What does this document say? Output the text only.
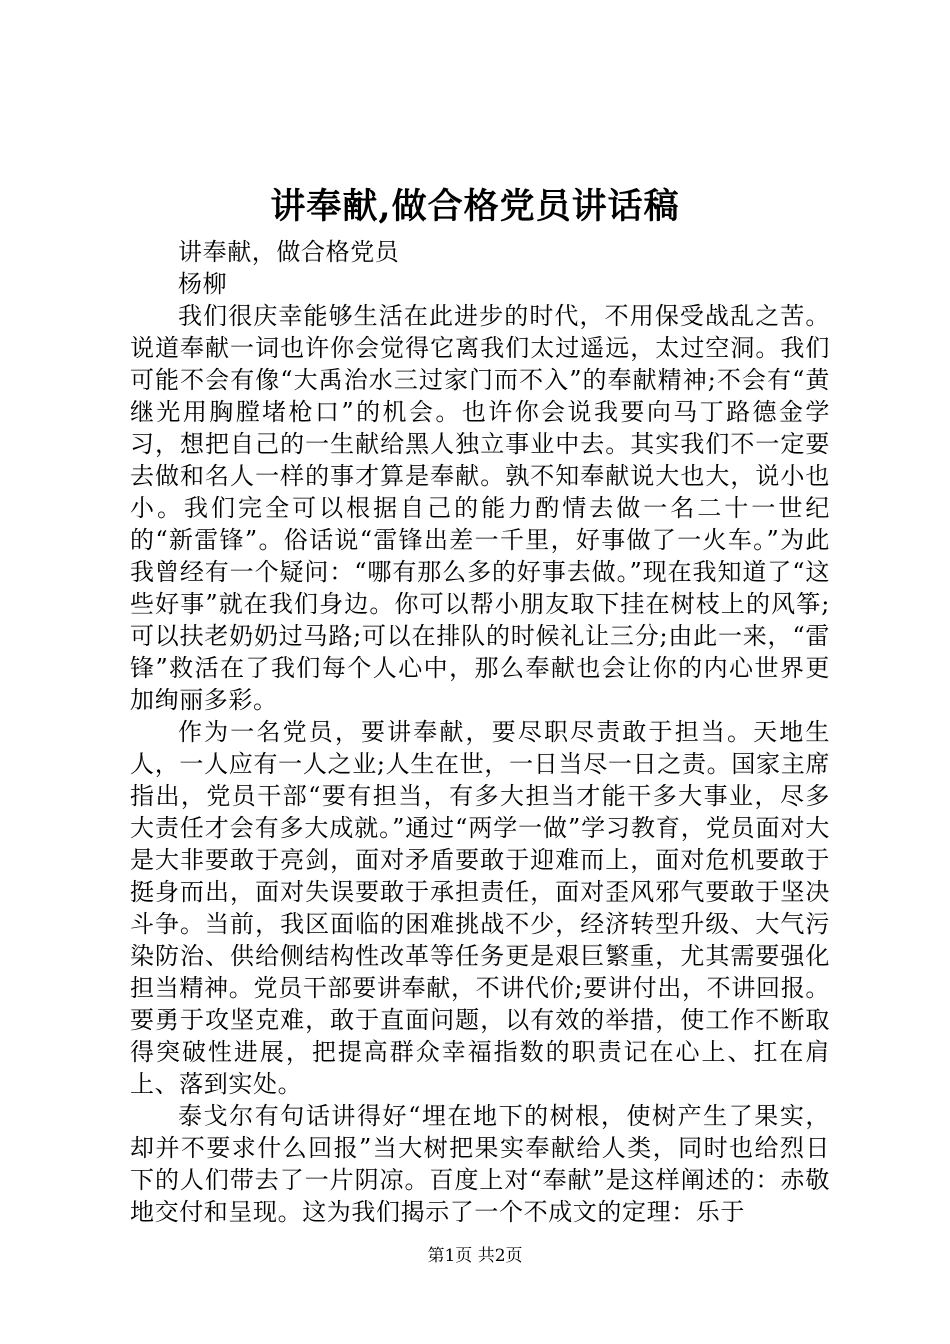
讲奉献,做合格党员讲话稿

讲奉献，做合格党员

杨柳

我们很庆幸能够生活在此进步的时代，不用保受战乱之苦。说道奉献一词也许你会觉得它离我们太过遥远，太过空洞。我们可能不会有像“大禹治水三过家门而不入”的奉献精神;不会有“黄继光用胸膛堵枪口”的机会。也许你会说我要向马丁路德金学习，想把自己的一生献给黑人独立事业中去。其实我们不一定要去做和名人一样的事才算是奉献。孰不知奉献说大也大，说小也小。我们完全可以根据自己的能力酌情去做一名二十一世纪的“新雷锋”。俗话说“雷锋出差一千里，好事做了一火车。”为此我曾经有一个疑问：“哪有那么多的好事去做。”现在我知道了“这些好事”就在我们身边。你可以帮小朋友取下挂在树枝上的风筝;可以扶老奶奶过马路;可以在排队的时候礼让三分;由此一来，“雷锋”救活在了我们每个人心中，那么奉献也会让你的内心世界更加绚丽多彩。

作为一名党员，要讲奉献，要尽职尽责敢于担当。天地生人，一人应有一人之业;人生在世，一日当尽一日之责。国家主席指出，党员干部“要有担当，有多大担当才能干多大事业，尽多大责任才会有多大成就。”通过“两学一做”学习教育，党员面对大是大非要敢于亮剑，面对矛盾要敢于迎难而上，面对危机要敢于挺身而出，面对失误要敢于承担责任，面对歪风邪气要敢于坚决斗争。当前，我区面临的困难挑战不少，经济转型升级、大气污染防治、供给侧结构性改革等任务更是艰巨繁重，尤其需要强化担当精神。党员干部要讲奉献，不讲代价;要讲付出，不讲回报。要勇于攻坚克难，敢于直面问题，以有效的举措，使工作不断取得突破性进展，把提高群众幸福指数的职责记在心上、扛在肩上、落到实处。

泰戈尔有句话讲得好“埋在地下的树根，使树产生了果实，却并不要求什么回报”当大树把果实奉献给人类，同时也给烈日下的人们带去了一片阴凉。百度上对“奉献”是这样阐述的：赤敬地交付和呈现。这为我们揭示了一个不成文的定理：乐于

第1页 共2页
